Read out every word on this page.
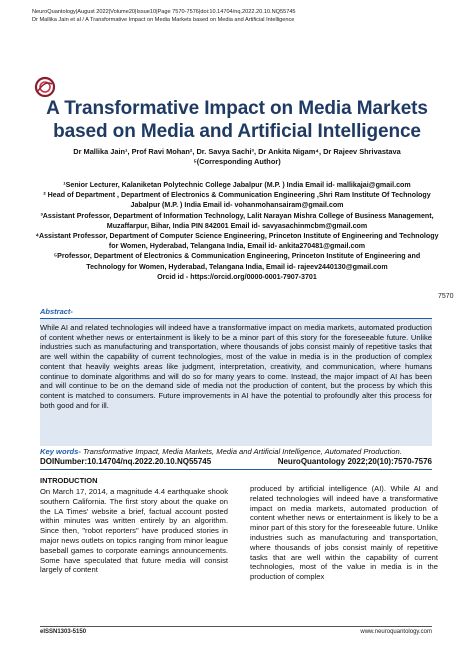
NeuroQuantology|August 2022|Volume20|Issue10|Page 7570-7576|doi:10.14704/nq.2022.20.10.NQ55745
Dr Mallika Jain et al / A Transformative Impact on Media Markets based on Media and Artificial Intelligence
A Transformative Impact on Media Markets
based on Media and Artificial Intelligence
Dr Mallika Jain¹, Prof Ravi Mohan², Dr. Savya Sachi³, Dr Ankita Nigam⁴, Dr Rajeev Shrivastava
⁵(Corresponding Author)

¹Senior Lecturer, Kalaniketan Polytechnic College Jabalpur (M.P. ) India Email id- mallikajai@gmail.com

² Head of Department , Department of Electronics & Communication Engineering ,Shri Ram Institute Of Technology Jabalpur (M.P. ) India Email id- vohanmohansairam@gmail.com

³Assistant Professor, Department of Information Technology, Lalit Narayan Mishra College of Business Management, Muzaffarpur, Bihar, India PIN 842001 Email id- savyasachinmcbm@gmail.com

⁴Assistant Professor, Department of Computer Science Engineering, Princeton Institute of Engineering and Technology for Women, Hyderabad, Telangana India, Email id- ankita270481@gmail.com

⁵Professor, Department of Electronics & Communication Engineering, Princeton Institute of Engineering and Technology for Women, Hyderabad, Telangana India, Email id- rajeev2440130@gmail.com

Orcid id - https://orcid.org/0000-0001-7907-3701

7570
Abstract-
While AI and related technologies will indeed have a transformative impact on media markets, automated production of content whether news or entertainment is likely to be a minor part of this story for the foreseeable future. Unlike industries such as manufacturing and transportation, where thousands of jobs consist mainly of repetitive tasks that are well within the capability of current technologies, most of the value in media is in the production of complex content that heavily weights areas like judgment, interpretation, creativity, and communication, where humans continue to dominate algorithms and will do so for many years to come. Instead, the major impact of AI has been and will continue to be on the demand side of media not the production of content, but the process by which this content is matched to consumers. Future improvements in AI have the potential to profoundly alter this process for both good and for ill.
Key words- Transformative Impact, Media Markets, Media and Artificial Intelligence, Automated Production.
DOINumber:10.14704/nq.2022.20.10.NQ55745	NeuroQuantology 2022;20(10):7570-7576
INTRODUCTION
On March 17, 2014, a magnitude 4.4 earthquake shook southern California. The first story about the quake on the LA Times' website a brief, factual account posted within minutes was written entirely by an algorithm. Since then, "robot reporters" have produced stories in major news outlets on topics ranging from minor league baseball games to corporate earnings announcements. Some have speculated that future media will consist largely of content
produced by artificial intelligence (AI). While AI and related technologies will indeed have a transformative impact on media markets, automated production of content whether news or entertainment is likely to be a minor part of this story for the foreseeable future. Unlike industries such as manufacturing and transportation, where thousands of jobs consist mainly of repetitive tasks that are well within the capability of current technologies, most of the value in media is in the production of complex
eISSN1303-5150	www.neuroquantology.com
